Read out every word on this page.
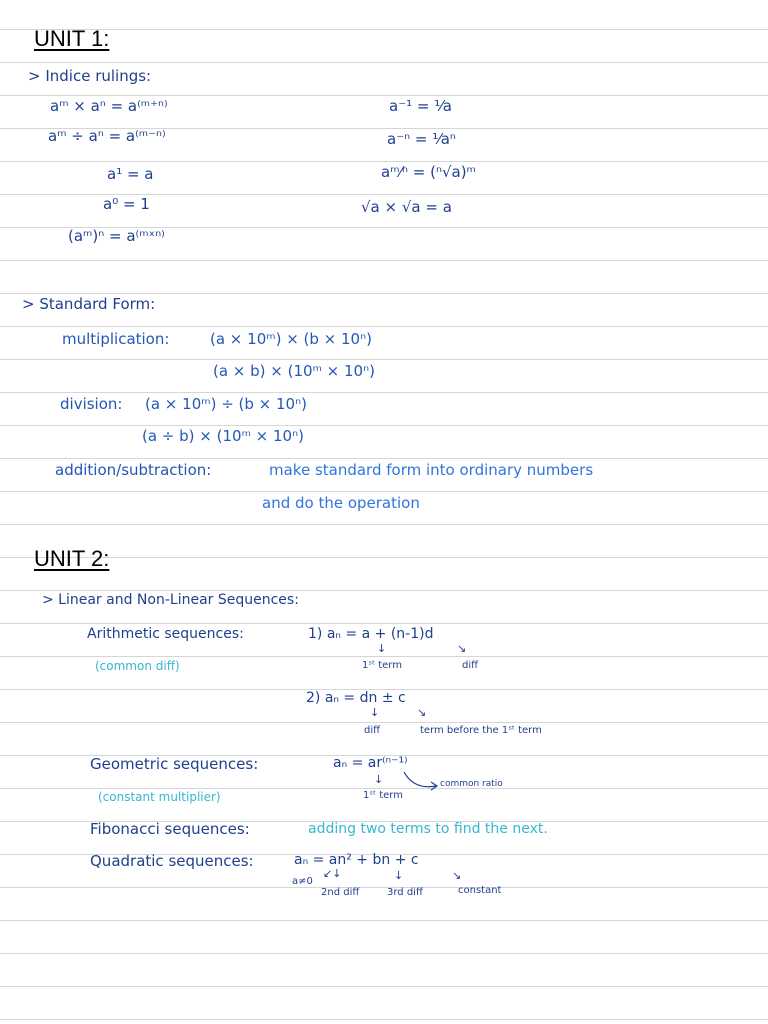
UNIT 1:
> Indice rulings:
aᵐ × aⁿ = a⁽ᵐ⁺ⁿ⁾
aᵐ ÷ aⁿ = a⁽ᵐ⁻ⁿ⁾
a¹ = a
a⁰ = 1
(aᵐ)ⁿ = a⁽ᵐˣⁿ⁾
a⁻¹ = ¹⁄a
a⁻ⁿ = ¹⁄aⁿ
aᵐ⁄ⁿ = (ⁿ√a)ᵐ
√a × √a = a
> Standard Form:
multiplication:	(a × 10ᵐ) × (b × 10ⁿ)
(a × b) × (10ᵐ × 10ⁿ)
division: (a × 10ᵐ) ÷ (b × 10ⁿ)
(a ÷ b) × (10ᵐ × 10ⁿ)
addition/subtraction:	make standard form into ordinary numbers
and do the operation
UNIT 2:
> Linear and Non-Linear Sequences:
Arithmetic sequences:	1) aₙ = a + (n-1)d
(common diff)
↓	↘
1ˢᵗ term	diff
2) aₙ = dn ± c
↓	↘
diff	term before the 1ˢᵗ term
Geometric sequences:	aₙ = ar⁽ⁿ⁻¹⁾
common ratio
↓
1ˢᵗ term
(constant multiplier)
Fibonacci sequences:	adding two terms to find the next.
Quadratic sequences:	aₙ = an² + bn + c
↙↓	↓	↘
a≠0
2nd diff	3rd diff	constant
